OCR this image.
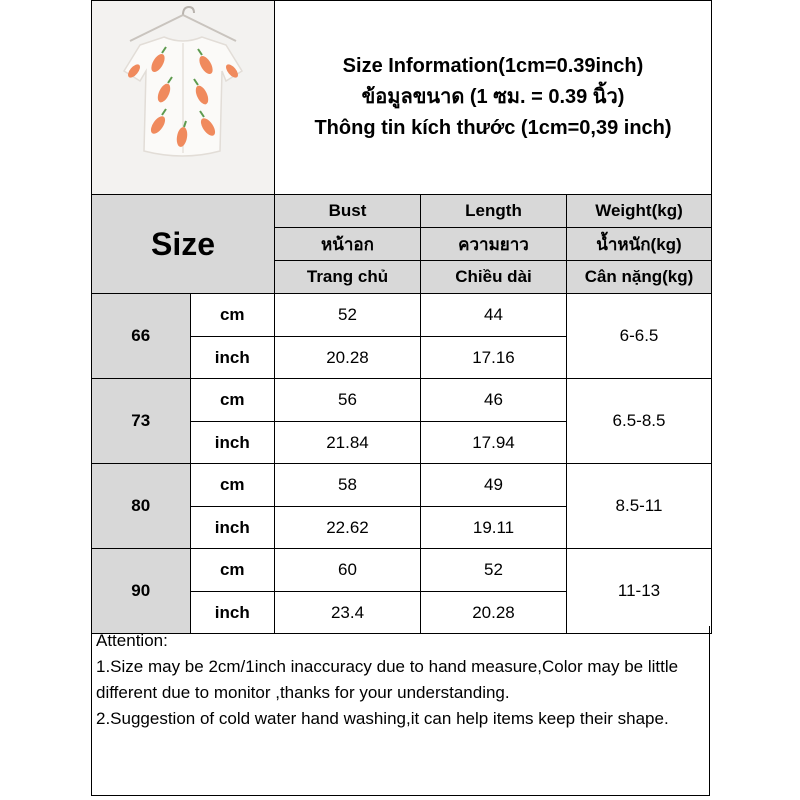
Size Information(1cm=0.39inch)
ข้อมูลขนาด (1 ซม. = 0.39 นิ้ว)
Thông tin kích thước (1cm=0,39 inch)		

Size		Bust	Length	Weight(kg)
		หน้าอก	ความยาว	น้ำหนัก(kg)
		Trang chủ	Chiều dài	Cân nặng(kg)
66	cm	52	44	6-6.5
	inch	20.28	17.16	
73	cm	56	46	6.5-8.5
	inch	21.84	17.94	
80	cm	58	49	8.5-11
	inch	22.62	19.11	
90	cm	60	52	11-13
	inch	23.4	20.28	
Attention:
1.Size may be 2cm/1inch inaccuracy due to hand measure,Color may be little different due to monitor ,thanks for your understanding.
2.Suggestion of cold water hand washing,it can help items keep their shape.
